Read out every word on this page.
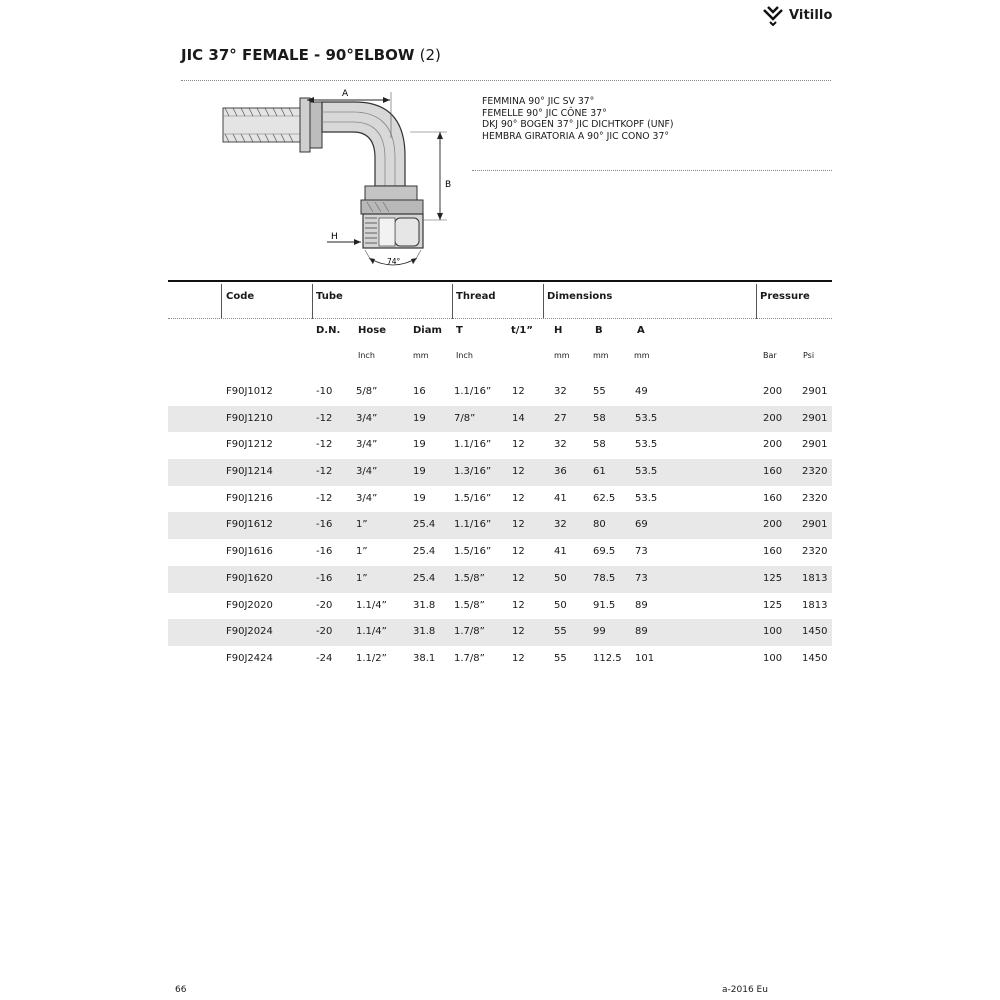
Vitillo
JIC 37° FEMALE - 90°ELBOW (2)
A
B
H
74°
FEMMINA 90° JIC SV 37°
FEMELLE 90° JIC CÔNE 37°
DKJ 90° BOGEN 37° JIC DICHTKOPF (UNF)
HEMBRA GIRATORIA A 90° JIC CONO 37°
Code	Tube	Thread	Dimensions	Pressure
D.N. Hose	Diam T	t/1” H	B	A
Inch	mm	Inch	mm	mm	mm	Bar	Psi
F90J1012	-10 5/8”	16	1.1/16” 12	32	55	49	200 2901
F90J1210	-12 3/4”	19	7/8”	14	27	58	53.5	200 2901
F90J1212	-12 3/4”	19	1.1/16” 12	32	58	53.5	200 2901
F90J1214	-12 3/4”	19	1.3/16” 12	36	61	53.5	160 2320
F90J1216	-12 3/4”	19	1.5/16” 12	41	62.5 53.5	160 2320
F90J1612	-16 1”	25.4 1.1/16” 12	32	80	69	200 2901
F90J1616	-16 1”	25.4 1.5/16” 12	41	69.5 73	160 2320
F90J1620	-16 1”	25.4 1.5/8”	12	50	78.5 73	125 1813
F90J2020	-20 1.1/4”	31.8 1.5/8”	12	50	91.5 89	125 1813
F90J2024	-20 1.1/4”	31.8 1.7/8”	12	55	99	89	100 1450
F90J2424	-24 1.1/2”	38.1 1.7/8”	12	55	112.5 101	100 1450
66	a-2016 Eu
